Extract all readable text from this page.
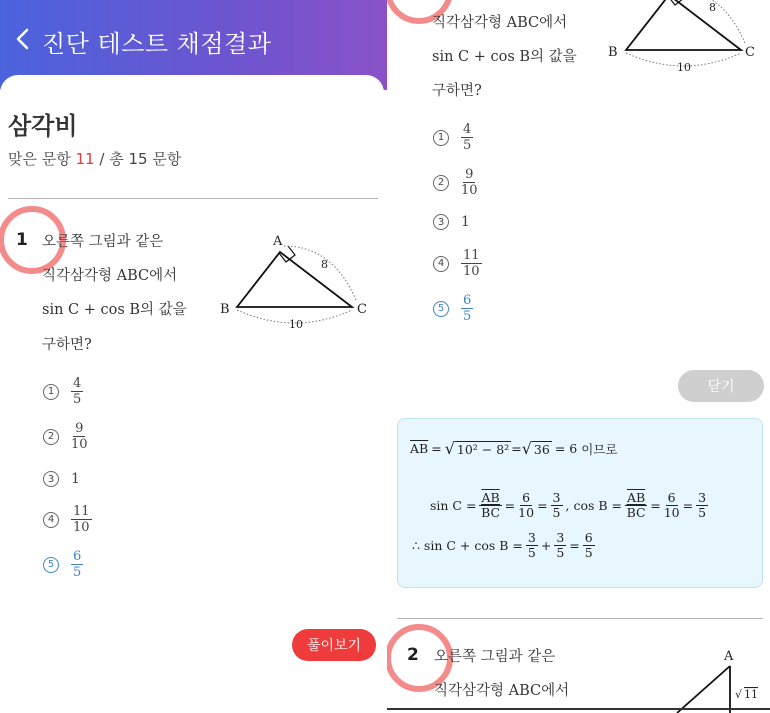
진단 테스트 채점결과
삼각비
맞은 문항 11 / 총 15 문항
1 오른쪽 그림과 같은
직각삼각형 ABC에서
sin C + cos B의 값을
구하면?
A
B	C
8
10
1	$\frac{4}{5}$
2	$\frac{9}{10}$
3	1
4	$\frac{11}{10}$
5	$\frac{6}{5}$
풀이보기
직각삼각형 ABC에서
sin C + cos B의 값을
구하면?
B	C
8
10
1	$\frac{4}{5}$
2	$\frac{9}{10}$
3	1
4	$\frac{11}{10}$
5	$\frac{6}{5}$
닫기
$\overline{AB}$ = √ 10² − 8² = √ 36 = 6 이므로
$\sin C = \frac{\overline{AB}}{BC} = \frac{6}{10} = \frac{3}{5}$ , $\cos B = \frac{\overline{AB}}{BC} = \frac{6}{10} = \frac{3}{5}$
∴ $\sin C + \cos B = \frac{3}{5} + \frac{3}{5} = \frac{6}{5}$
2 오른쪽 그림과 같은
직각삼각형 ABC에서
A
√ 11
